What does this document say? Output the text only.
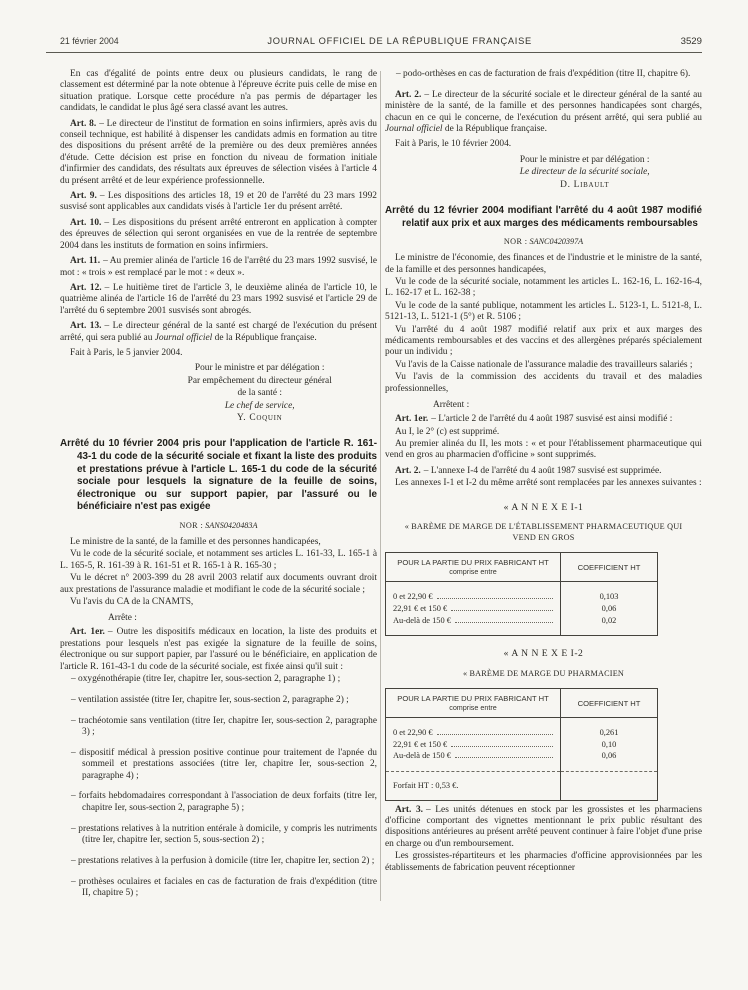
21 février 2004	JOURNAL OFFICIEL DE LA RÉPUBLIQUE FRANÇAISE	3529

En cas d'égalité de points entre deux ou plusieurs candidats, le rang de classement est déterminé par la note obtenue à l'épreuve écrite puis celle de mise en situation pratique. Lorsque cette procédure n'a pas permis de départager les candidats, le candidat le plus âgé sera classé avant les autres.

Art. 8. – Le directeur de l'institut de formation en soins infirmiers, après avis du conseil technique, est habilité à dispenser les candidats admis en formation au titre des dispositions du présent arrêté de la première ou des deux premières années d'étude. Cette décision est prise en fonction du niveau de formation initiale d'infirmier des candidats, des résultats aux épreuves de sélection visées à l'article 4 du présent arrêté et de leur expérience professionnelle.

Art. 9. – Les dispositions des articles 18, 19 et 20 de l'arrêté du 23 mars 1992 susvisé sont applicables aux candidats visés à l'article 1er du présent arrêté.

Art. 10. – Les dispositions du présent arrêté entreront en application à compter des épreuves de sélection qui seront organisées en vue de la rentrée de septembre 2004 dans les instituts de formation en soins infirmiers.

Art. 11. – Au premier alinéa de l'article 16 de l'arrêté du 23 mars 1992 susvisé, le mot : « trois » est remplacé par le mot : « deux ».

Art. 12. – Le huitième tiret de l'article 3, le deuxième alinéa de l'article 10, le quatrième alinéa de l'article 16 de l'arrêté du 23 mars 1992 susvisé et l'article 29 de l'arrêté du 6 septembre 2001 susvisés sont abrogés.

Art. 13. – Le directeur général de la santé est chargé de l'exécution du présent arrêté, qui sera publié au Journal officiel de la République française.

Fait à Paris, le 5 janvier 2004.

Pour le ministre et par délégation :
Par empêchement du directeur général
de la santé :
Le chef de service,
Y. Coquin
Arrêté du 10 février 2004 pris pour l'application de l'article R. 161-43-1 du code de la sécurité sociale et fixant la liste des produits et prestations prévue à l'article L. 165-1 du code de la sécurité sociale pour lesquels la signature de la feuille de soins, électronique ou sur support papier, par l'assuré ou le bénéficiaire n'est pas exigée

NOR : SANS0420483A

Le ministre de la santé, de la famille et des personnes handicapées,

Vu le code de la sécurité sociale, et notamment ses articles L. 161-33, L. 165-1 à L. 165-5, R. 161-39 à R. 161-51 et R. 165-1 à R. 165-30 ;

Vu le décret n° 2003-399 du 28 avril 2003 relatif aux documents ouvrant droit aux prestations de l'assurance maladie et modifiant le code de la sécurité sociale ;

Vu l'avis du CA de la CNAMTS,

Arrête :

Art. 1er. – Outre les dispositifs médicaux en location, la liste des produits et prestations pour lesquels n'est pas exigée la signature de la feuille de soins, électronique ou sur support papier, par l'assuré ou le bénéficiaire, en application de l'article R. 161-43-1 du code de la sécurité sociale, est fixée ainsi qu'il suit :

– oxygénothérapie (titre Ier, chapitre Ier, sous-section 2, paragraphe 1) ;

– ventilation assistée (titre Ier, chapitre Ier, sous-section 2, paragraphe 2) ;

– trachéotomie sans ventilation (titre Ier, chapitre Ier, sous-section 2, paragraphe 3) ;

– dispositif médical à pression positive continue pour traitement de l'apnée du sommeil et prestations associées (titre Ier, chapitre Ier, sous-section 2, paragraphe 4) ;

– forfaits hebdomadaires correspondant à l'association de deux forfaits (titre Ier, chapitre Ier, sous-section 2, paragraphe 5) ;

– prestations relatives à la nutrition entérale à domicile, y compris les nutriments (titre Ier, chapitre Ier, section 5, sous-section 2) ;

– prestations relatives à la perfusion à domicile (titre Ier, chapitre Ier, section 2) ;

– prothèses oculaires et faciales en cas de facturation de frais d'expédition (titre II, chapitre 5) ;

– podo-orthèses en cas de facturation de frais d'expédition (titre II, chapitre 6).

Art. 2. – Le directeur de la sécurité sociale et le directeur général de la santé au ministère de la santé, de la famille et des personnes handicapées sont chargés, chacun en ce qui le concerne, de l'exécution du présent arrêté, qui sera publié au Journal officiel de la République française.

Fait à Paris, le 10 février 2004.

Pour le ministre et par délégation :
Le directeur de la sécurité sociale,
D. Libault
Arrêté du 12 février 2004 modifiant l'arrêté du 4 août 1987 modifié relatif aux prix et aux marges des médicaments remboursables

NOR : SANC0420397A

Le ministre de l'économie, des finances et de l'industrie et le ministre de la santé, de la famille et des personnes handicapées,

Vu le code de la sécurité sociale, notamment les articles L. 162-16, L. 162-16-4, L. 162-17 et L. 162-38 ;

Vu le code de la santé publique, notamment les articles L. 5123-1, L. 5121-8, L. 5121-13, L. 5121-1 (5°) et R. 5106 ;

Vu l'arrêté du 4 août 1987 modifié relatif aux prix et aux marges des médicaments remboursables et des vaccins et des allergènes préparés spécialement pour un individu ;

Vu l'avis de la Caisse nationale de l'assurance maladie des travailleurs salariés ;

Vu l'avis de la commission des accidents du travail et des maladies professionnelles,

Arrêtent :

Art. 1er. – L'article 2 de l'arrêté du 4 août 1987 susvisé est ainsi modifié :

Au I, le 2° (c) est supprimé.

Au premier alinéa du II, les mots : « et pour l'établissement pharmaceutique qui vend en gros au pharmacien d'officine » sont supprimés.

Art. 2. – L'annexe I-4 de l'arrêté du 4 août 1987 susvisé est supprimée.

Les annexes I-1 et I-2 du même arrêté sont remplacées par les annexes suivantes :

« A N N E X E I-1

« BARÈME DE MARGE DE L'ÉTABLISSEMENT PHARMACEUTIQUE QUI VEND EN GROS

POUR LA PARTIE DU PRIX FABRICANT HT
comprise entre	COEFFICIENT HT

0 et 22,90 €	0,103

22,91 € et 150 €	0,06

Au-delà de 150 €	0,02

« A N N E X E I-2

« BARÈME DE MARGE DU PHARMACIEN

POUR LA PARTIE DU PRIX FABRICANT HT
comprise entre	COEFFICIENT HT

0 et 22,90 €	0,261

22,91 € et 150 €	0,10

Au-delà de 150 €	0,06
Forfait HT : 0,53 €.	

Art. 3. – Les unités détenues en stock par les grossistes et les pharmaciens d'officine comportant des vignettes mentionnant le prix public résultant des dispositions antérieures au présent arrêté peuvent continuer à faire l'objet d'une prise en charge ou d'un remboursement.

Les grossistes-répartiteurs et les pharmacies d'officine approvisionnées par les établissements de fabrication peuvent réceptionner
